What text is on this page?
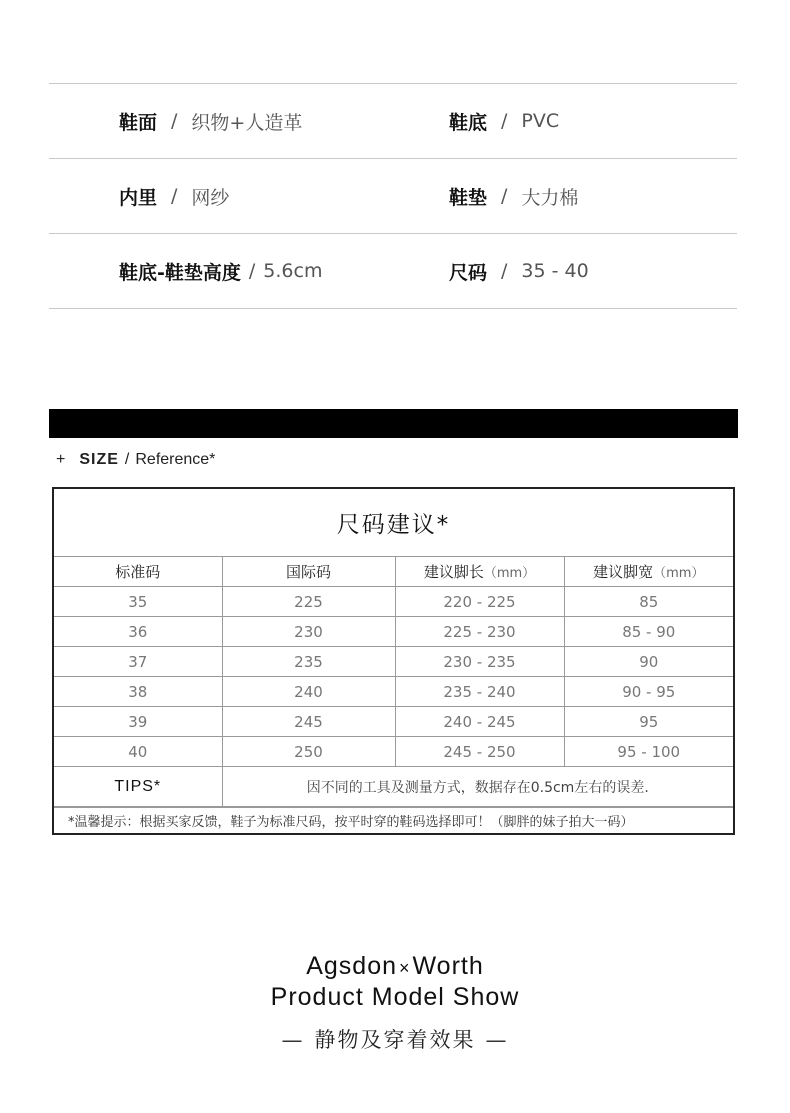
鞋面 / 织物+人造革	鞋底 / PVC
内里 / 网纱	鞋垫 / 大力棉
鞋底-鞋垫高度 / 5.6cm	尺码 / 35 - 40
+ SIZE / Reference*
尺码建议*
标准码	国际码	建议脚长（mm）	建议脚宽（mm）
35	225	220 - 225	85
36	230	225 - 230	85 - 90
37	235	230 - 235	90
38	240	235 - 240	90 - 95
39	245	240 - 245	95
40	250	245 - 250	95 - 100
TIPS*	因不同的工具及测量方式，数据存在0.5cm左右的误差.		
*温馨提示：根据买家反馈，鞋子为标准尺码，按平时穿的鞋码选择即可！（脚胖的妹子拍大一码）
Agsdon ×Worth
Product Model Show
— 静物及穿着效果 —
